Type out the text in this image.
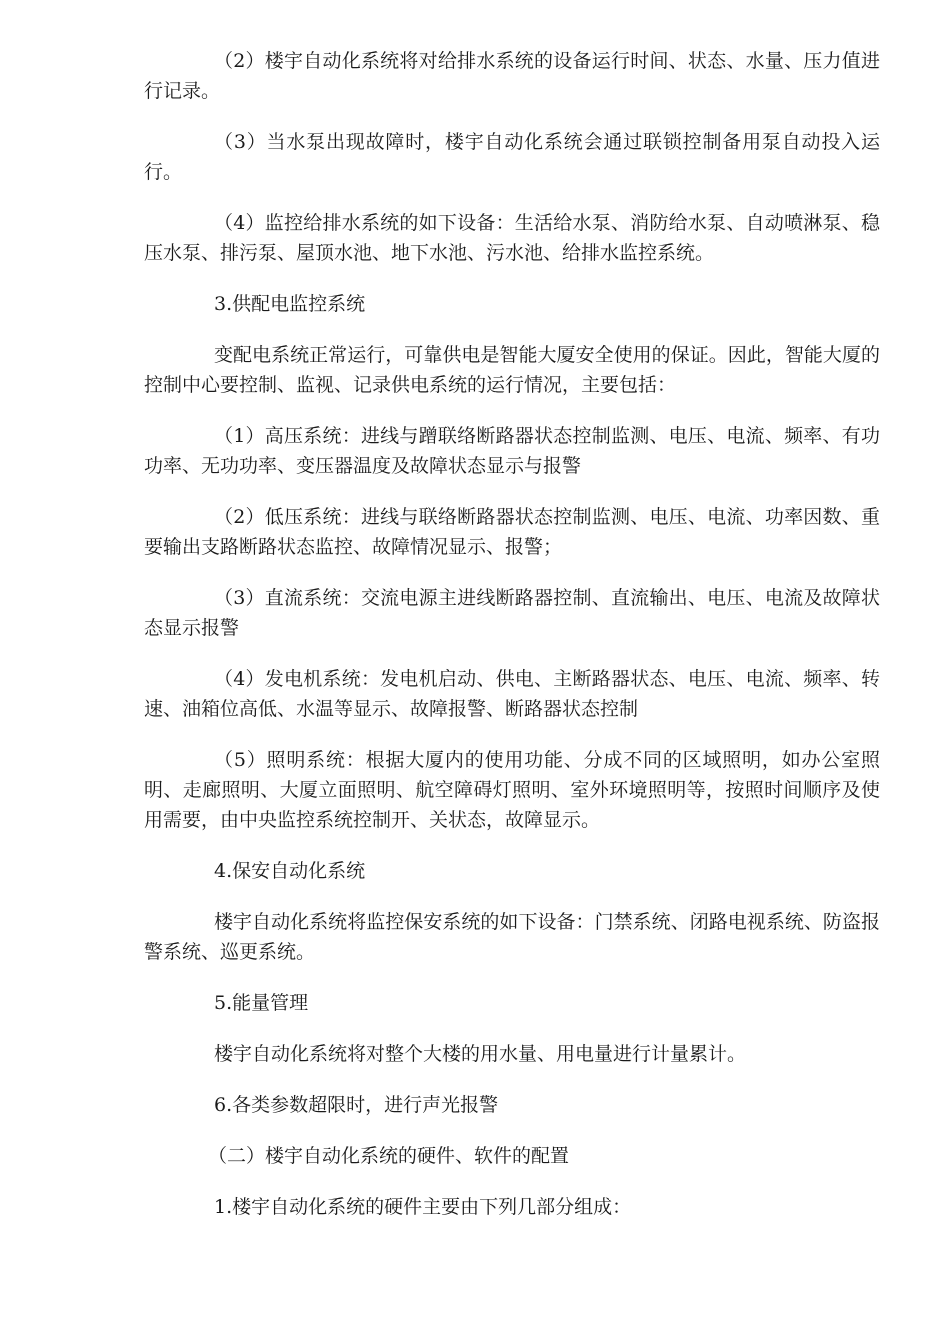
（2）楼宇自动化系统将对给排水系统的设备运行时间、状态、水量、压力值进行记录。

（3）当水泵出现故障时，楼宇自动化系统会通过联锁控制备用泵自动投入运行。

（4）监控给排水系统的如下设备：生活给水泵、消防给水泵、自动喷淋泵、稳压水泵、排污泵、屋顶水池、地下水池、污水池、给排水监控系统。

3.供配电监控系统

变配电系统正常运行，可靠供电是智能大厦安全使用的保证。因此，智能大厦的控制中心要控制、监视、记录供电系统的运行情况，主要包括：

（1）高压系统：进线与蹭联络断路器状态控制监测、电压、电流、频率、有功功率、无功功率、变压器温度及故障状态显示与报警

（2）低压系统：进线与联络断路器状态控制监测、电压、电流、功率因数、重要输出支路断路状态监控、故障情况显示、报警；

（3）直流系统：交流电源主进线断路器控制、直流输出、电压、电流及故障状态显示报警

（4）发电机系统：发电机启动、供电、主断路器状态、电压、电流、频率、转速、油箱位高低、水温等显示、故障报警、断路器状态控制

（5）照明系统：根据大厦内的使用功能、分成不同的区域照明，如办公室照明、走廊照明、大厦立面照明、航空障碍灯照明、室外环境照明等，按照时间顺序及使用需要，由中央监控系统控制开、关状态，故障显示。

4.保安自动化系统

楼宇自动化系统将监控保安系统的如下设备：门禁系统、闭路电视系统、防盗报警系统、巡更系统。

5.能量管理

楼宇自动化系统将对整个大楼的用水量、用电量进行计量累计。

6.各类参数超限时，进行声光报警

（二）楼宇自动化系统的硬件、软件的配置

1.楼宇自动化系统的硬件主要由下列几部分组成：
